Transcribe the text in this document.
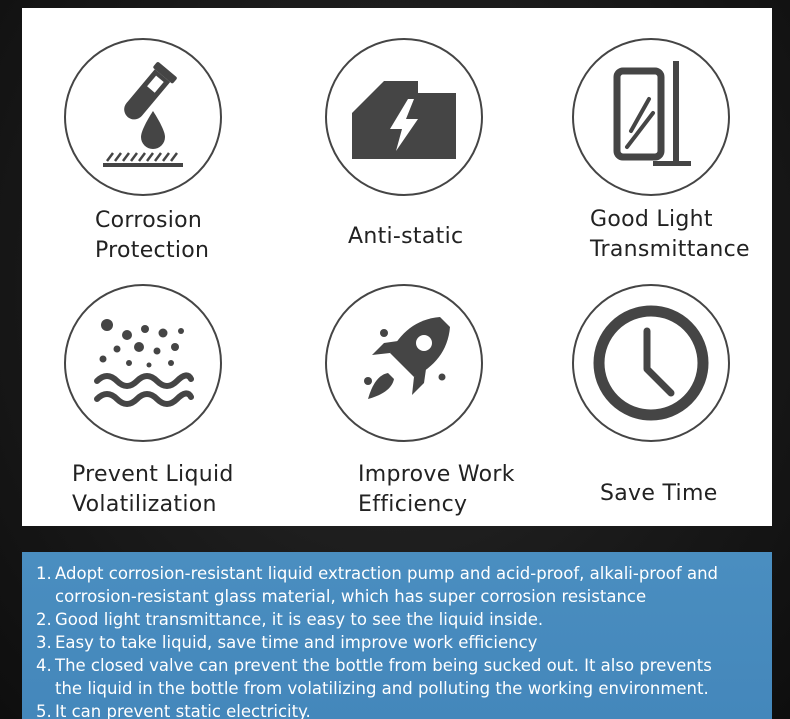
Corrosion
Protection
Anti-static
Good Light
Transmittance
Prevent Liquid
Volatilization
Improve Work
Efficiency	Save Time
1. Adopt corrosion-resistant liquid extraction pump and acid-proof, alkali-proof and
corrosion-resistant glass material, which has super corrosion resistance
2. Good light transmittance, it is easy to see the liquid inside.
3. Easy to take liquid, save time and improve work efficiency
4. The closed valve can prevent the bottle from being sucked out. It also prevents
the liquid in the bottle from volatilizing and polluting the working environment.
5. It can prevent static electricity.
